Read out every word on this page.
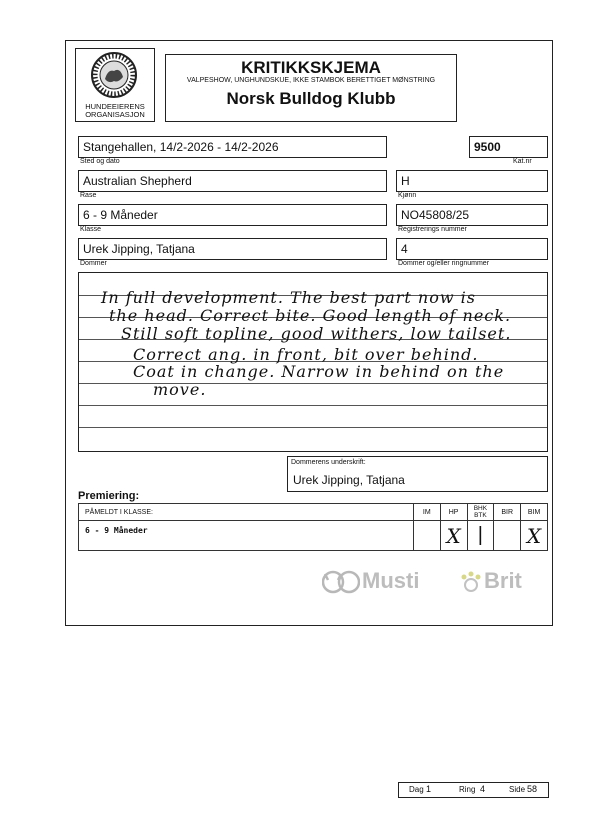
HUNDEEIERENS
ORGANISASJON
KRITIKKSKJEMA
VALPESHOW, UNGHUNDSKUE, IKKE STAMBOK BERETTIGET MØNSTRING
Norsk Bulldog Klubb
Stangehallen, 14/2-2026 - 14/2-2026
Sted og dato
9500
Kat.nr
Australian Shepherd
Rase
H
Kjønn
6 - 9 Måneder
Klasse
NO45808/25
Registrerings nummer
Urek Jipping, Tatjana
Dommer
4
Dommer og/eller ringnummer
In full development. The best part now is
the head. Correct bite. Good length of neck.
Still soft topline, good withers, low tailset.
Correct ang. in front, bit over behind.
Coat in change. Narrow in behind on the
move.
Dommerens underskrift:
Urek Jipping, Tatjana
Premiering:
PÅMELDT I KLASSE:	IM	HP	BHK BTK	BIR	BIM
6 - 9 Måneder		X	|		X
Musti	Brit
Dag 1	Ring 4	Side 58
